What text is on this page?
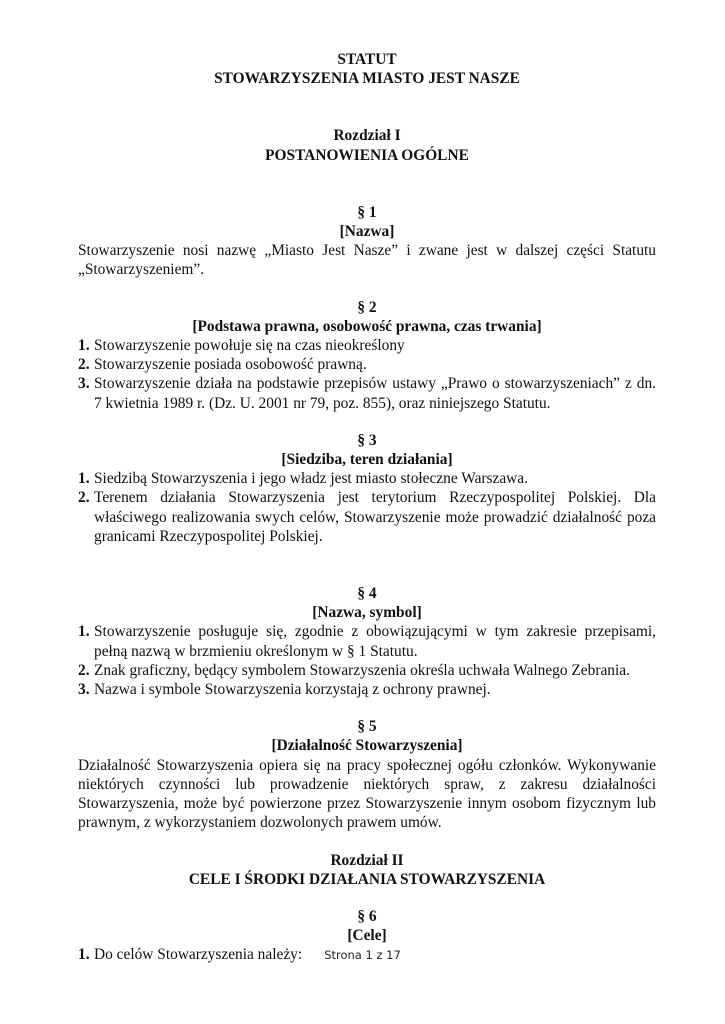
STATUT

STOWARZYSZENIA MIASTO JEST NASZE

Rozdział I

POSTANOWIENIA OGÓLNE

§ 1

[Nazwa]

Stowarzyszenie nosi nazwę „Miasto Jest Nasze” i zwane jest w dalszej części Statutu „Stowarzyszeniem”.

§ 2

[Podstawa prawna, osobowość prawna, czas trwania]

1. Stowarzyszenie powołuje się na czas nieokreślony
2. Stowarzyszenie posiada osobowość prawną.
3. Stowarzyszenie działa na podstawie przepisów ustawy „Prawo o stowarzyszeniach” z dn. 7 kwietnia 1989 r. (Dz. U. 2001 nr 79, poz. 855), oraz niniejszego Statutu.

§ 3

[Siedziba, teren działania]

1. Siedzibą Stowarzyszenia i jego władz jest miasto stołeczne Warszawa.
2. Terenem działania Stowarzyszenia jest terytorium Rzeczypospolitej Polskiej. Dla właściwego realizowania swych celów, Stowarzyszenie może prowadzić działalność poza granicami Rzeczypospolitej Polskiej.

§ 4

[Nazwa, symbol]

1. Stowarzyszenie posługuje się, zgodnie z obowiązującymi w tym zakresie przepisami, pełną nazwą w brzmieniu określonym w § 1 Statutu.
2. Znak graficzny, będący symbolem Stowarzyszenia określa uchwała Walnego Zebrania.
3. Nazwa i symbole Stowarzyszenia korzystają z ochrony prawnej.

§ 5

[Działalność Stowarzyszenia]

Działalność Stowarzyszenia opiera się na pracy społecznej ogółu członków. Wykonywanie niektórych czynności lub prowadzenie niektórych spraw, z zakresu działalności Stowarzyszenia, może być powierzone przez Stowarzyszenie innym osobom fizycznym lub prawnym, z wykorzystaniem dozwolonych prawem umów.

Rozdział II

CELE I ŚRODKI DZIAŁANIA STOWARZYSZENIA

§ 6

[Cele]

1. Do celów Stowarzyszenia należy:	Strona 1 z 17
